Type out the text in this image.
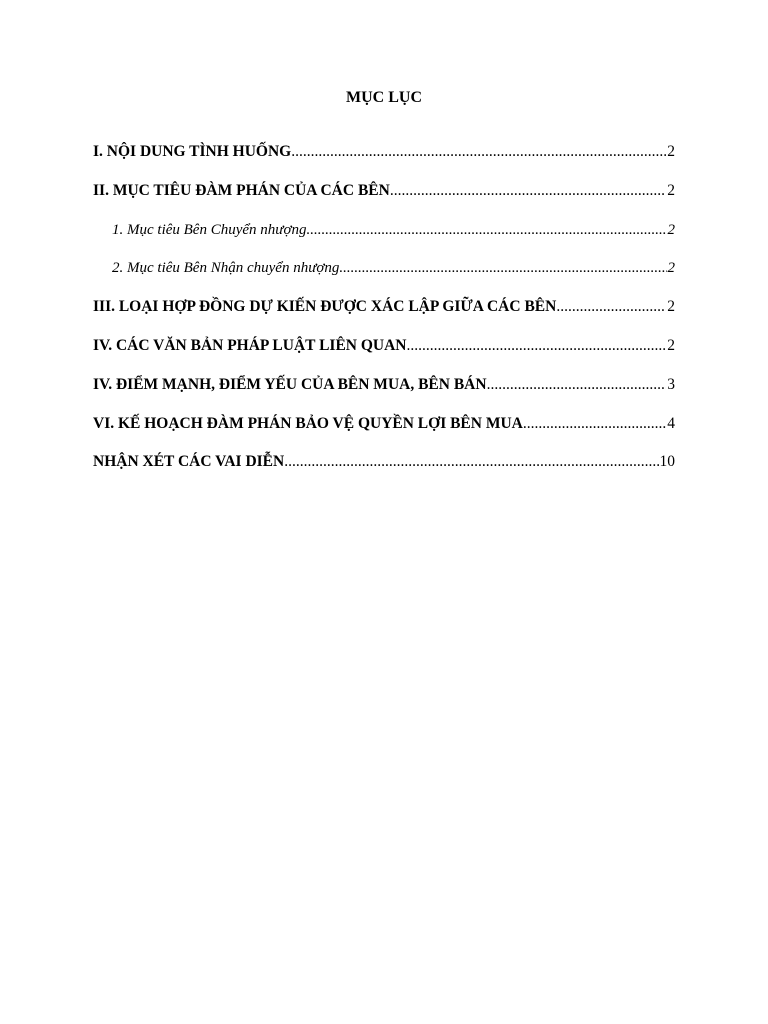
MỤC LỤC
I. NỘI DUNG TÌNH HUỐNG .....	2
II. MỤC TIÊU ĐÀM PHÁN CỦA CÁC BÊN .....	2
1. Mục tiêu Bên Chuyển nhượng .....	2
2. Mục tiêu Bên Nhận chuyển nhượng .....	2
III. LOẠI HỢP ĐỒNG DỰ KIẾN ĐƯỢC XÁC LẬP GIỮA CÁC BÊN .....	2
IV. CÁC VĂN BẢN PHÁP LUẬT LIÊN QUAN .....	2
IV. ĐIỂM MẠNH, ĐIỂM YẾU CỦA BÊN MUA, BÊN BÁN .....	3
VI. KẾ HOẠCH ĐÀM PHÁN BẢO VỆ QUYỀN LỢI BÊN MUA .....	4
NHẬN XÉT CÁC VAI DIỄN .....	10
